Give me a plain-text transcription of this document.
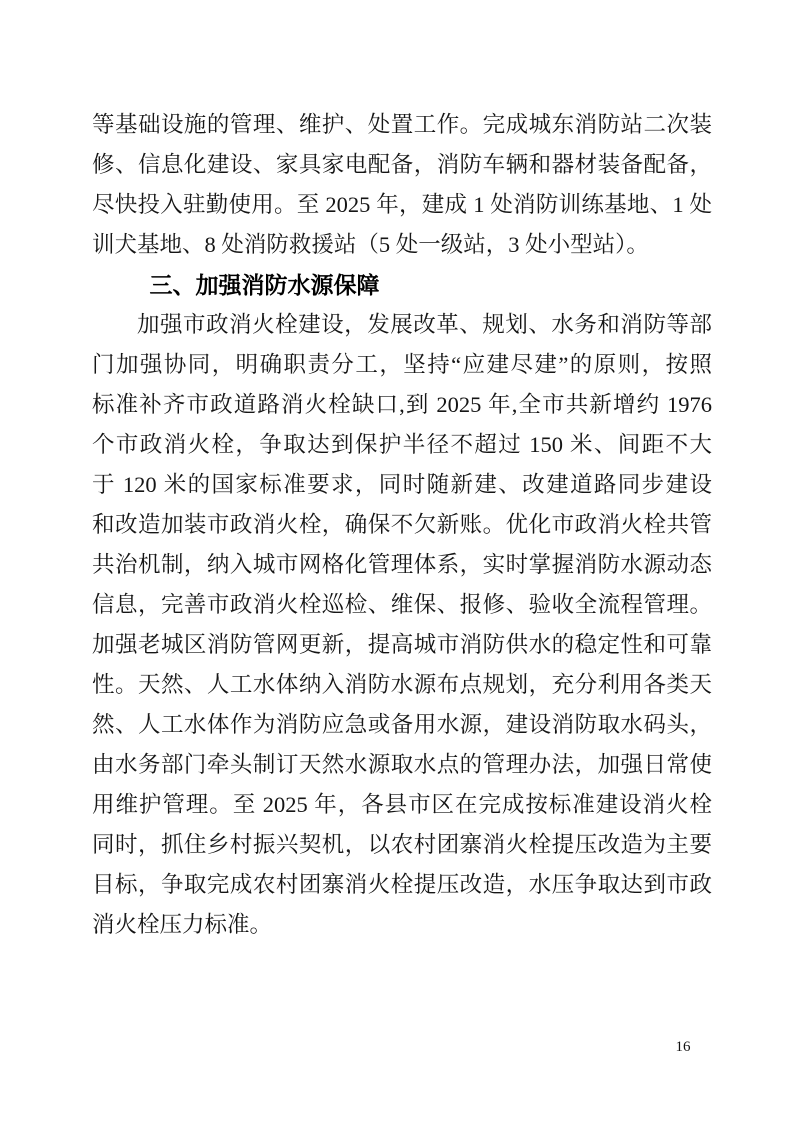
等基础设施的管理、维护、处置工作。完成城东消防站二次装
修、信息化建设、家具家电配备，消防车辆和器材装备配备，
尽快投入驻勤使用。至 2025 年，建成 1 处消防训练基地、1 处
训犬基地、8 处消防救援站（5 处一级站，3 处小型站）。
三、加强消防水源保障
加强市政消火栓建设，发展改革、规划、水务和消防等部
门加强协同，明确职责分工，坚持“应建尽建”的原则，按照
标准补齐市政道路消火栓缺口,到 2025 年,全市共新增约 1976
个市政消火栓，争取达到保护半径不超过 150 米、间距不大
于 120 米的国家标准要求，同时随新建、改建道路同步建设
和改造加装市政消火栓，确保不欠新账。优化市政消火栓共管
共治机制，纳入城市网格化管理体系，实时掌握消防水源动态
信息，完善市政消火栓巡检、维保、报修、验收全流程管理。
加强老城区消防管网更新，提高城市消防供水的稳定性和可靠
性。天然、人工水体纳入消防水源布点规划，充分利用各类天
然、人工水体作为消防应急或备用水源，建设消防取水码头，
由水务部门牵头制订天然水源取水点的管理办法，加强日常使
用维护管理。至 2025 年，各县市区在完成按标准建设消火栓
同时，抓住乡村振兴契机，以农村团寨消火栓提压改造为主要
目标，争取完成农村团寨消火栓提压改造，水压争取达到市政
消火栓压力标准。
16
